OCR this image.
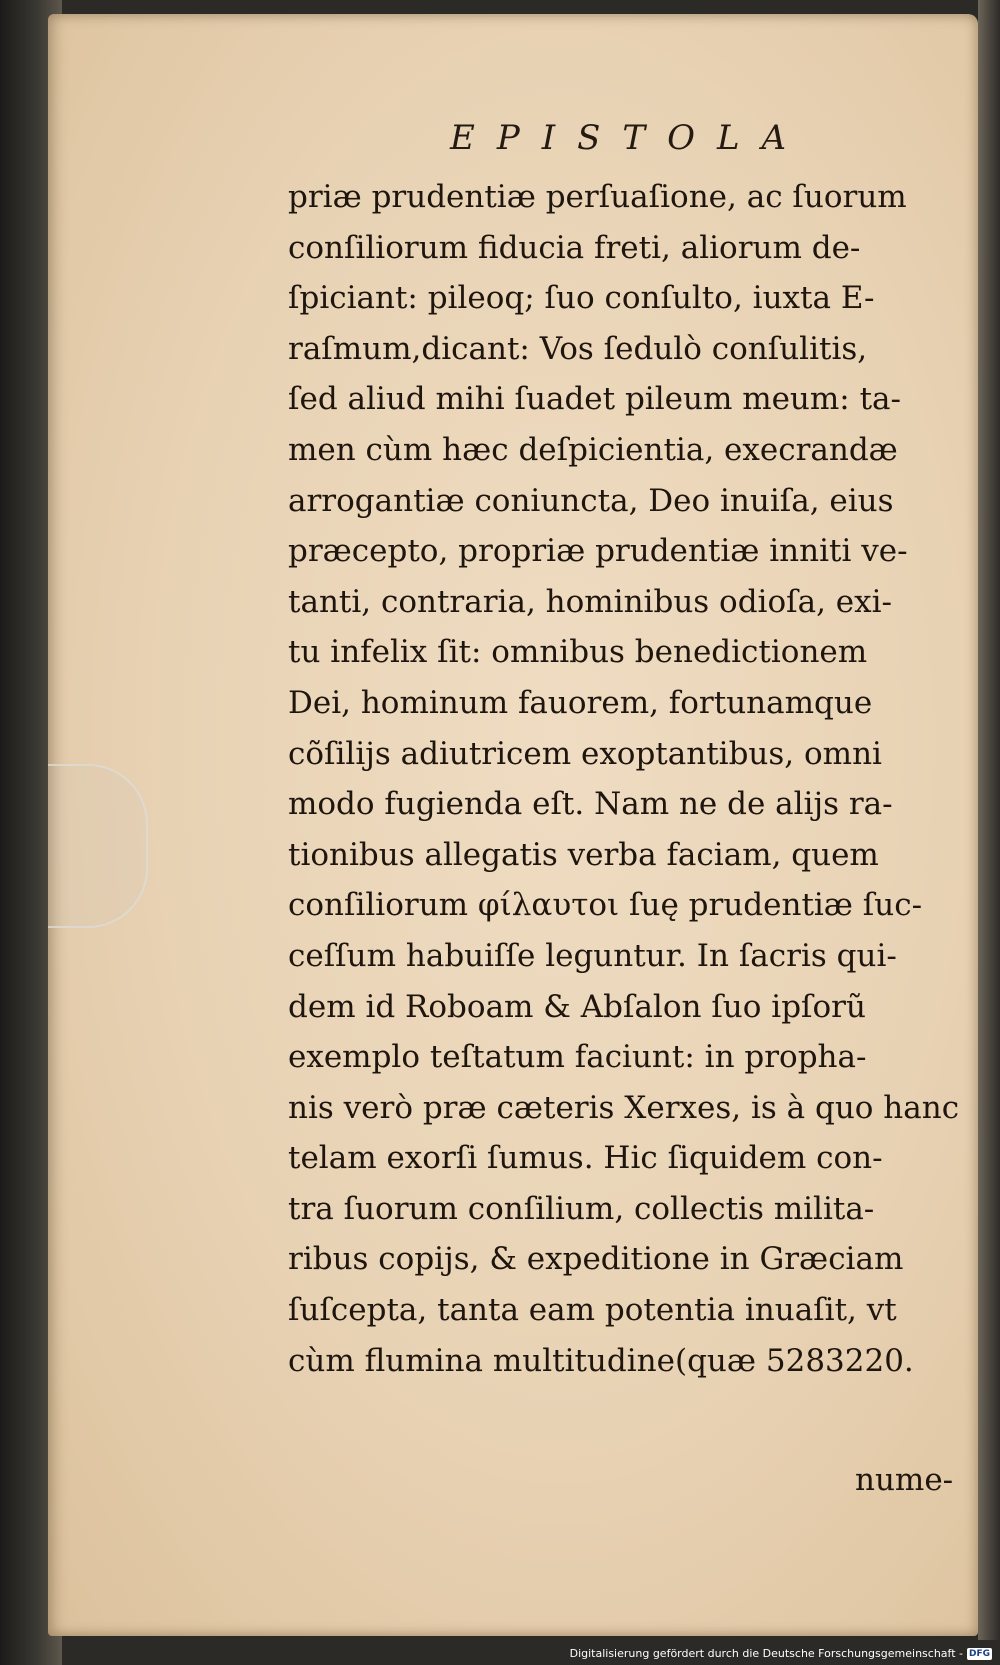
EPISTOLA
priæ prudentiæ perſuaſione, ac ſuorum
conſiliorum fiducia freti, aliorum de-
ſpiciant: pileoq; ſuo conſulto, iuxta E-
raſmum,dicant: Vos ſedulò conſulitis,
ſed aliud mihi ſuadet pileum meum: ta-
men cùm hæc deſpicientia, execrandæ
arrogantiæ coniuncta, Deo inuiſa, eius
præcepto, propriæ prudentiæ inniti ve-
tanti, contraria, hominibus odioſa, exi-
tu infelix ſit: omnibus benedictionem
Dei, hominum fauorem, fortunamque
cõſilijs adiutricem exoptantibus, omni
modo fugienda eſt. Nam ne de alijs ra-
tionibus allegatis verba faciam, quem
conſiliorum φίλαυτοι ſuę prudentiæ ſuc-
ceſſum habuiſſe leguntur. In ſacris qui-
dem id Roboam & Abſalon ſuo ipſorũ
exemplo teſtatum faciunt: in propha-
nis verò præ cæteris Xerxes, is à quo hanc
telam exorſi ſumus. Hic ſiquidem con-
tra ſuorum conſilium, collectis milita-
ribus copijs, & expeditione in Græciam
ſuſcepta, tanta eam potentia inuaſit, vt
cùm flumina multitudine(quæ 5283220.
nume-
Digitalisierung gefördert durch die Deutsche Forschungsgemeinschaft - DFG
